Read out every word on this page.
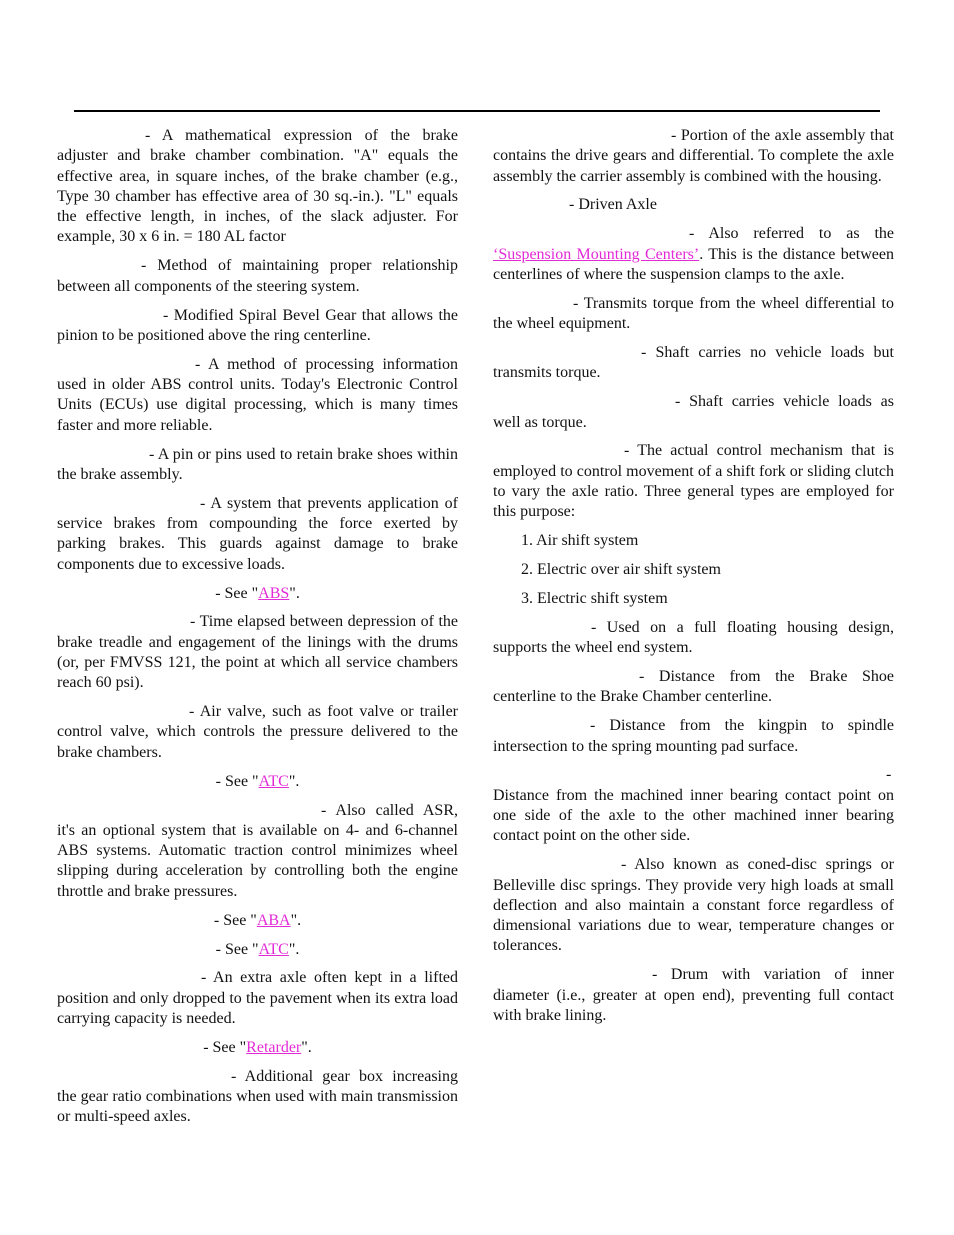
- A mathematical expression of the brake adjuster and brake chamber combination. "A" equals the effective area, in square inches, of the brake chamber (e.g., Type 30 chamber has effective area of 30 sq.-in.). "L" equals the effective length, in inches, of the slack adjuster. For example, 30 x 6 in. = 180 AL factor

- Method of maintaining proper relationship between all components of the steering system.

- Modified Spiral Bevel Gear that allows the pinion to be positioned above the ring centerline.

- A method of processing information used in older ABS control units. Today's Electronic Control Units (ECUs) use digital processing, which is many times faster and more reliable.

- A pin or pins used to retain brake shoes within the brake assembly.

- A system that prevents application of service brakes from compounding the force exerted by parking brakes. This guards against damage to brake components due to excessive loads.

- See "ABS".

- Time elapsed between depression of the brake treadle and engagement of the linings with the drums (or, per FMVSS 121, the point at which all service chambers reach 60 psi).

- Air valve, such as foot valve or trailer control valve, which controls the pressure delivered to the brake chambers.

- See "ATC".

- Also called ASR, it's an optional system that is available on 4- and 6-channel ABS systems. Automatic traction control minimizes wheel slipping during acceleration by controlling both the engine throttle and brake pressures.

- See "ABA".

- See "ATC".

- An extra axle often kept in a lifted position and only dropped to the pavement when its extra load carrying capacity is needed.

- See "Retarder".

- Additional gear box increasing the gear ratio combinations when used with main transmission or multi-speed axles.

- Portion of the axle assembly that contains the drive gears and differential. To complete the axle assembly the carrier assembly is combined with the housing.

- Driven Axle

- Also referred to as the ‘Suspension Mounting Centers’. This is the distance between centerlines of where the suspension clamps to the axle.

- Transmits torque from the wheel differential to the wheel equipment.

- Shaft carries no vehicle loads but transmits torque.

- Shaft carries vehicle loads as well as torque.

- The actual control mechanism that is employed to control movement of a shift fork or sliding clutch to vary the axle ratio. Three general types are employed for this purpose:

1. Air shift system

2. Electric over air shift system

3. Electric shift system

- Used on a full floating housing design, supports the wheel end system.

- Distance from the Brake Shoe centerline to the Brake Chamber centerline.

- Distance from the kingpin to spindle intersection to the spring mounting pad surface.

- Distance from the machined inner bearing contact point on one side of the axle to the other machined inner bearing contact point on the other side.

- Also known as coned-disc springs or Belleville disc springs. They provide very high loads at small deflection and also maintain a constant force regardless of dimensional variations due to wear, temperature changes or tolerances.

- Drum with variation of inner diameter (i.e., greater at open end), preventing full contact with brake lining.
